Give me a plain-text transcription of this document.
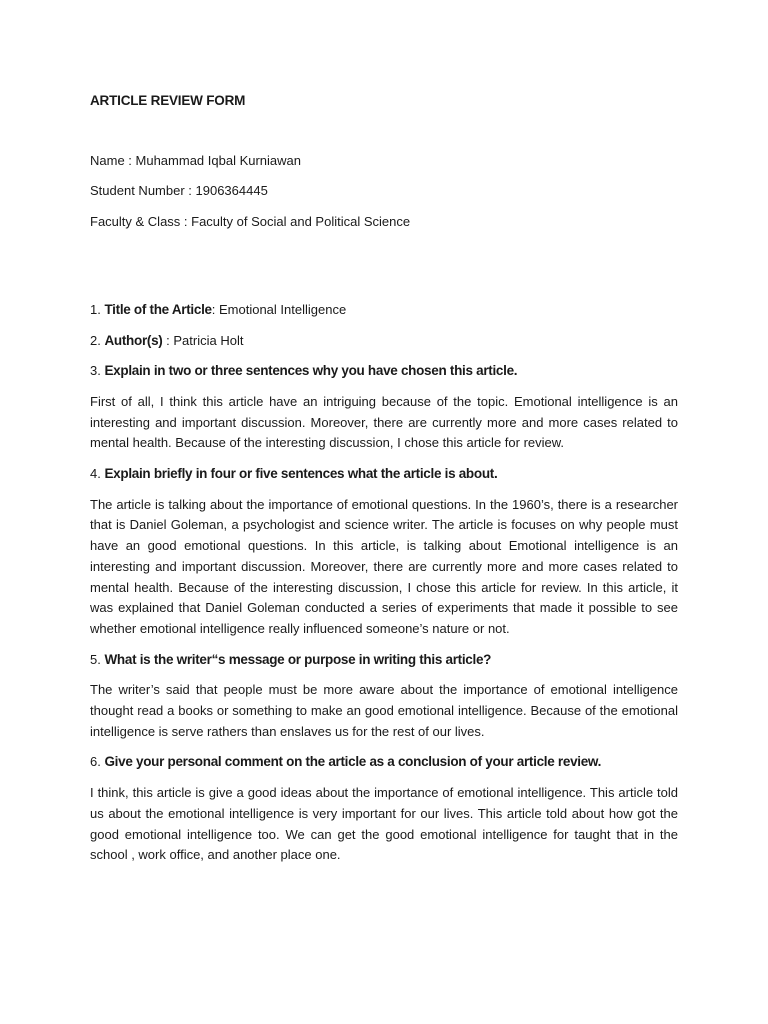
ARTICLE REVIEW FORM

Name : Muhammad Iqbal Kurniawan

Student Number : 1906364445

Faculty & Class : Faculty of Social and Political Science

1. Title of the Article: Emotional Intelligence

2. Author(s) : Patricia Holt

3. Explain in two or three sentences why you have chosen this article.

First of all, I think this article have an intriguing because of the topic. Emotional intelligence is an interesting and important discussion. Moreover, there are currently more and more cases related to mental health. Because of the interesting discussion, I chose this article for review.

4. Explain briefly in four or five sentences what the article is about.

The article is talking about the importance of emotional questions. In the 1960’s, there is a researcher that is Daniel Goleman, a psychologist and science writer. The article is focuses on why people must have an good emotional questions. In this article, is talking about Emotional intelligence is an interesting and important discussion. Moreover, there are currently more and more cases related to mental health. Because of the interesting discussion, I chose this article for review. In this article, it was explained that Daniel Goleman conducted a series of experiments that made it possible to see whether emotional intelligence really influenced someone’s nature or not.

5. What is the writer“s message or purpose in writing this article?

The writer’s said that people must be more aware about the importance of emotional intelligence thought read a books or something to make an good emotional intelligence. Because of the emotional intelligence is serve rathers than enslaves us for the rest of our lives.

6. Give your personal comment on the article as a conclusion of your article review.

I think, this article is give a good ideas about the importance of emotional intelligence. This article told us about the emotional intelligence is very important for our lives. This article told about how got the good emotional intelligence too. We can get the good emotional intelligence for taught that in the school , work office, and another place one.
